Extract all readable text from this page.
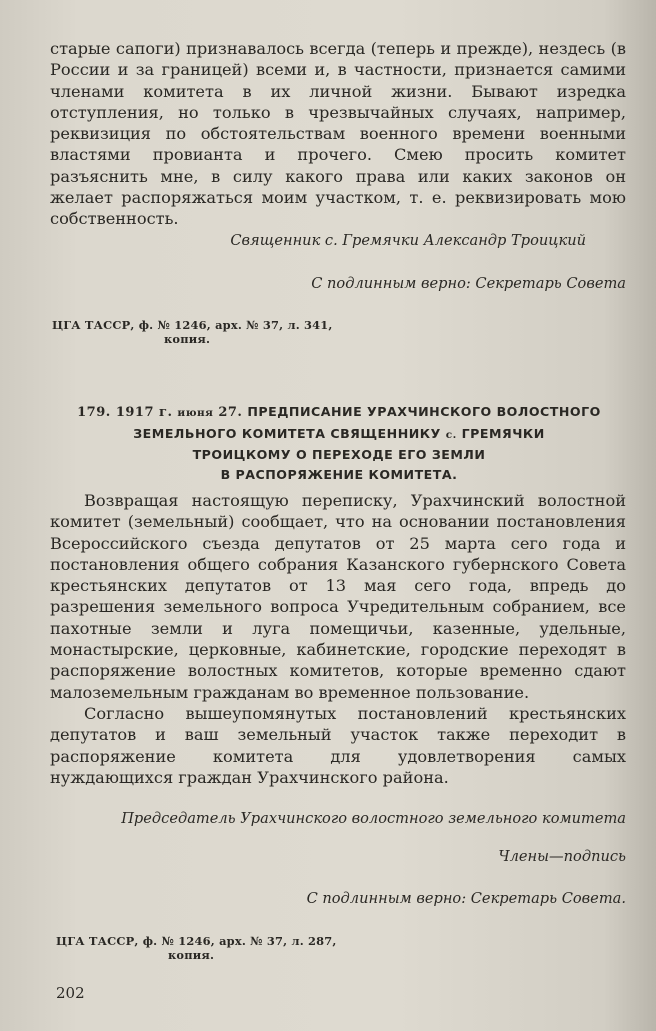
старые сапоги) признавалось всегда (теперь и прежде), нездесь (в России и за границей) всеми и, в частности, признается самими членами комитета в их личной жизни. Бывают изредка отступления, но только в чрезвычайных случаях, например, реквизиция по обстоятельствам военного времени военными властями провианта и прочего. Смею просить комитет разъяснить мне, в силу какого права или каких законов он желает распоряжаться моим участком, т. е. реквизировать мою собственность.

Священник с. Гремячки Александр Троицкий

С подлинным верно: Секретарь Совета

ЦГА ТАССР, ф. № 1246, арх. № 37, л. 341,
копия.

179. 1917 г. июня 27. ПРЕДПИСАНИЕ УРАХЧИНСКОГО ВОЛОСТНОГО
ЗЕМЕЛЬНОГО КОМИТЕТА СВЯЩЕННИКУ с. ГРЕМЯЧКИ
ТРОИЦКОМУ О ПЕРЕХОДЕ ЕГО ЗЕМЛИ
В РАСПОРЯЖЕНИЕ КОМИТЕТА.

Возвращая настоящую переписку, Урахчинский волостной комитет (земельный) сообщает, что на основании постановления Всероссийского съезда депутатов от 25 марта сего года и постановления общего собрания Казанского губернского Совета крестьянских депутатов от 13 мая сего года, впредь до разрешения земельного вопроса Учредительным собранием, все пахотные земли и луга помещичьи, казенные, удельные, монастырские, церковные, кабинетские, городские переходят в распоряжение волостных комитетов, которые временно сдают малоземельным гражданам во временное пользование.

Согласно вышеупомянутых постановлений крестьянских депутатов и ваш земельный участок также переходит в распоряжение комитета для удовлетворения самых нуждающихся граждан Урахчинского района.

Председатель Урахчинского волостного земельного комитета

Члены—подпись

С подлинным верно: Секретарь Совета.

ЦГА ТАССР, ф. № 1246, арх. № 37, л. 287,
копия.

202
